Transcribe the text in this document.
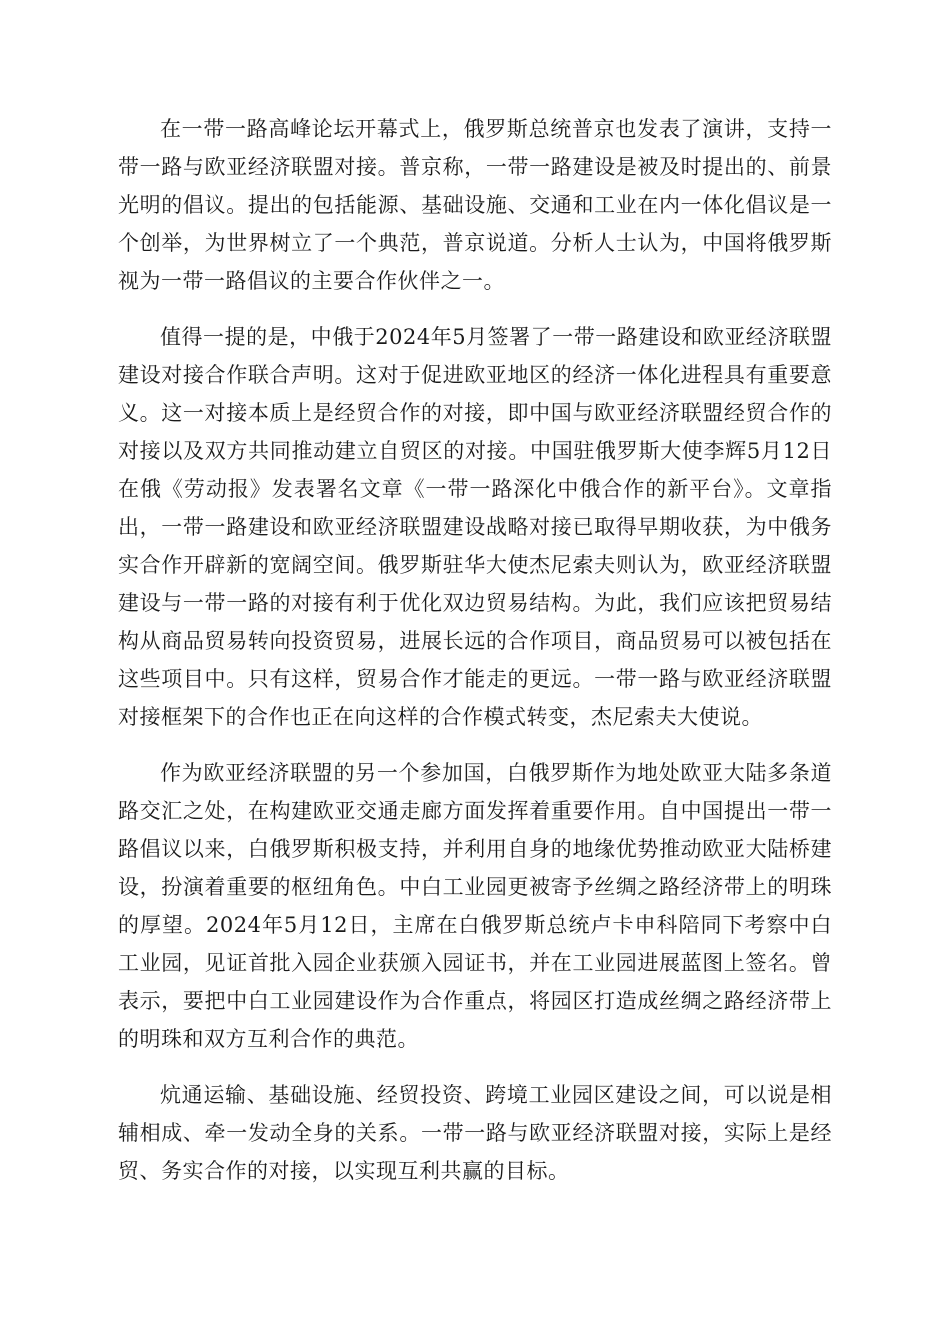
在一带一路高峰论坛开幕式上，俄罗斯总统普京也发表了演讲，支持一带一路与欧亚经济联盟对接。普京称，一带一路建设是被及时提出的、前景光明的倡议。提出的包括能源、基础设施、交通和工业在内一体化倡议是一个创举，为世界树立了一个典范，普京说道。分析人士认为，中国将俄罗斯视为一带一路倡议的主要合作伙伴之一。

值得一提的是，中俄于2024年5月签署了一带一路建设和欧亚经济联盟建设对接合作联合声明。这对于促进欧亚地区的经济一体化进程具有重要意义。这一对接本质上是经贸合作的对接，即中国与欧亚经济联盟经贸合作的对接以及双方共同推动建立自贸区的对接。中国驻俄罗斯大使李辉5月12日在俄《劳动报》发表署名文章《一带一路深化中俄合作的新平台》。文章指出，一带一路建设和欧亚经济联盟建设战略对接已取得早期收获，为中俄务实合作开辟新的宽阔空间。俄罗斯驻华大使杰尼索夫则认为，欧亚经济联盟建设与一带一路的对接有利于优化双边贸易结构。为此，我们应该把贸易结构从商品贸易转向投资贸易，进展长远的合作项目，商品贸易可以被包括在这些项目中。只有这样，贸易合作才能走的更远。一带一路与欧亚经济联盟对接框架下的合作也正在向这样的合作模式转变，杰尼索夫大使说。

作为欧亚经济联盟的另一个参加国，白俄罗斯作为地处欧亚大陆多条道路交汇之处，在构建欧亚交通走廊方面发挥着重要作用。自中国提出一带一路倡议以来，白俄罗斯积极支持，并利用自身的地缘优势推动欧亚大陆桥建设，扮演着重要的枢纽角色。中白工业园更被寄予丝绸之路经济带上的明珠的厚望。2024年5月12日，主席在白俄罗斯总统卢卡申科陪同下考察中白工业园，见证首批入园企业获颁入园证书，并在工业园进展蓝图上签名。曾表示，要把中白工业园建设作为合作重点，将园区打造成丝绸之路经济带上的明珠和双方互利合作的典范。

炕通运输、基础设施、经贸投资、跨境工业园区建设之间，可以说是相辅相成、牵一发动全身的关系。一带一路与欧亚经济联盟对接，实际上是经贸、务实合作的对接，以实现互利共赢的目标。
